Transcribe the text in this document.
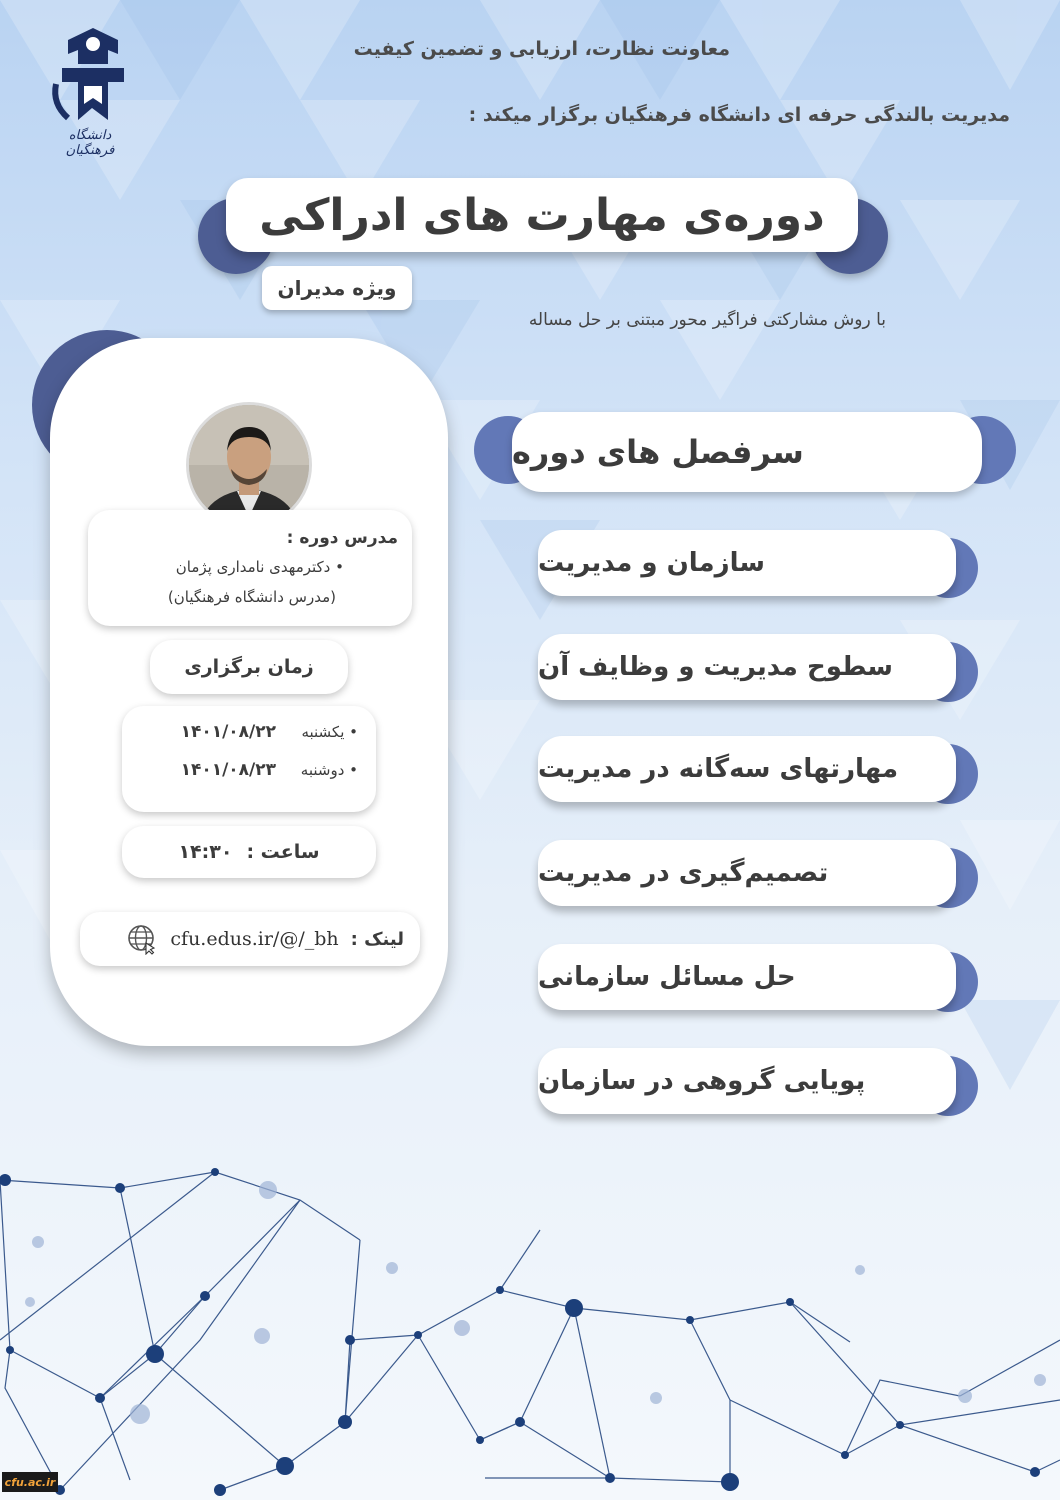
دانشگاه فرهنگیان
معاونت نظارت، ارزیابی و تضمین کیفیت
مدیریت بالندگی حرفه ای دانشگاه فرهنگیان برگزار میکند :
دوره‌ی مهارت های ادراکی
ویژه مدیران
با روش مشارکتی فراگیر محور مبتنی بر حل مساله
مدرس دوره :
• دکترمهدی نامداری پژمان
(مدرس دانشگاه فرهنگیان)
زمان برگزاری
• یکشنبه
۱۴۰۱/۰۸/۲۲
• دوشنبه
۱۴۰۱/۰۸/۲۳
ساعت :
۱۴:۳۰
لینک :
cfu.edus.ir/@/_bh
سرفصل های دوره
سازمان و مدیریت
سطوح مدیریت و وظایف آن
مهارتهای سه‌گانه در مدیریت
تصمیم‌گیری در مدیریت
حل مسائل سازمانی
پویایی گروهی در سازمان
cfu.ac.ir
